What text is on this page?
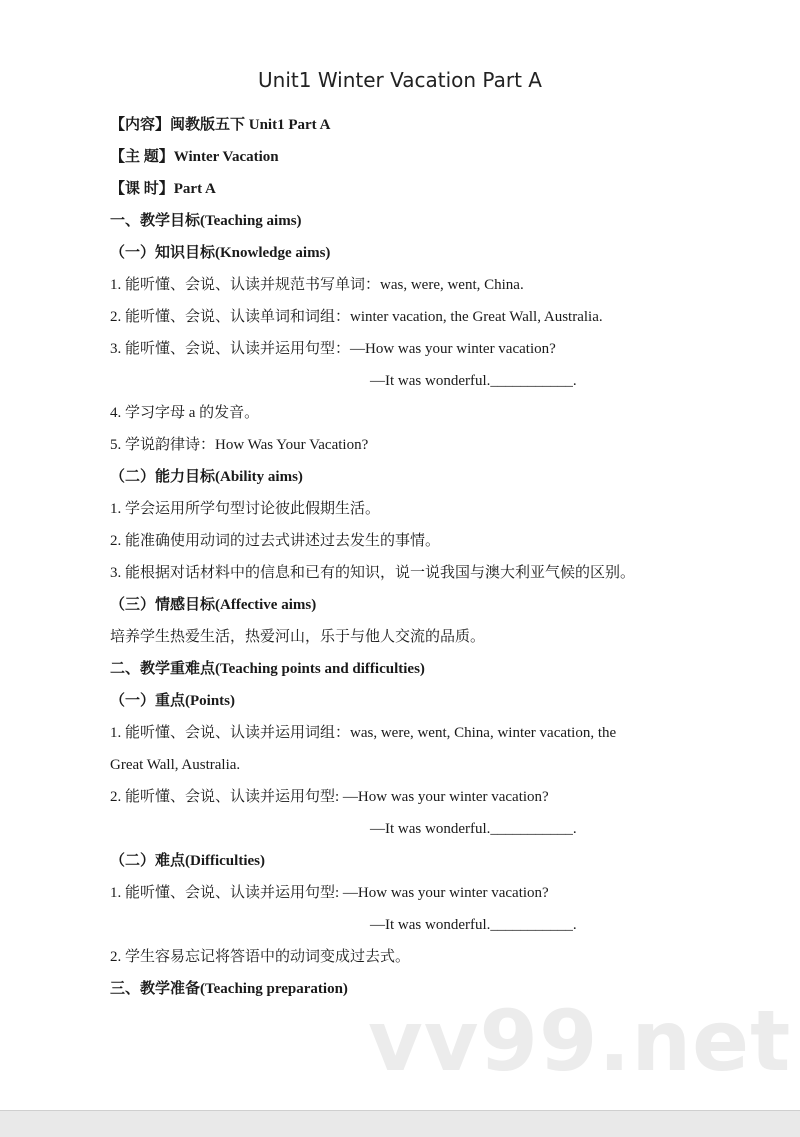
Unit1 Winter Vacation Part A
【内容】闽教版五下 Unit1 Part A
【主 题】Winter Vacation
【课 时】Part A
一、教学目标(Teaching aims)
（一）知识目标(Knowledge aims)
1. 能听懂、会说、认读并规范书写单词：was, were, went, China.
2. 能听懂、会说、认读单词和词组：winter vacation, the Great Wall, Australia.
3. 能听懂、会说、认读并运用句型：—How was your winter vacation?
—It was wonderful.___________.
4. 学习字母 a 的发音。
5. 学说韵律诗：How Was Your Vacation?
（二）能力目标(Ability aims)
1. 学会运用所学句型讨论彼此假期生活。
2. 能准确使用动词的过去式讲述过去发生的事情。
3. 能根据对话材料中的信息和已有的知识，说一说我国与澳大利亚气候的区别。
（三）情感目标(Affective aims)
培养学生热爱生活，热爱河山，乐于与他人交流的品质。
二、教学重难点(Teaching points and difficulties)
（一）重点(Points)
1. 能听懂、会说、认读并运用词组：was, were, went, China, winter vacation, the
Great Wall, Australia.
2. 能听懂、会说、认读并运用句型: —How was your winter vacation?
—It was wonderful.___________.
（二）难点(Difficulties)
1. 能听懂、会说、认读并运用句型: —How was your winter vacation?
—It was wonderful.___________.
2. 学生容易忘记将答语中的动词变成过去式。
三、教学准备(Teaching preparation)
vv99.net
